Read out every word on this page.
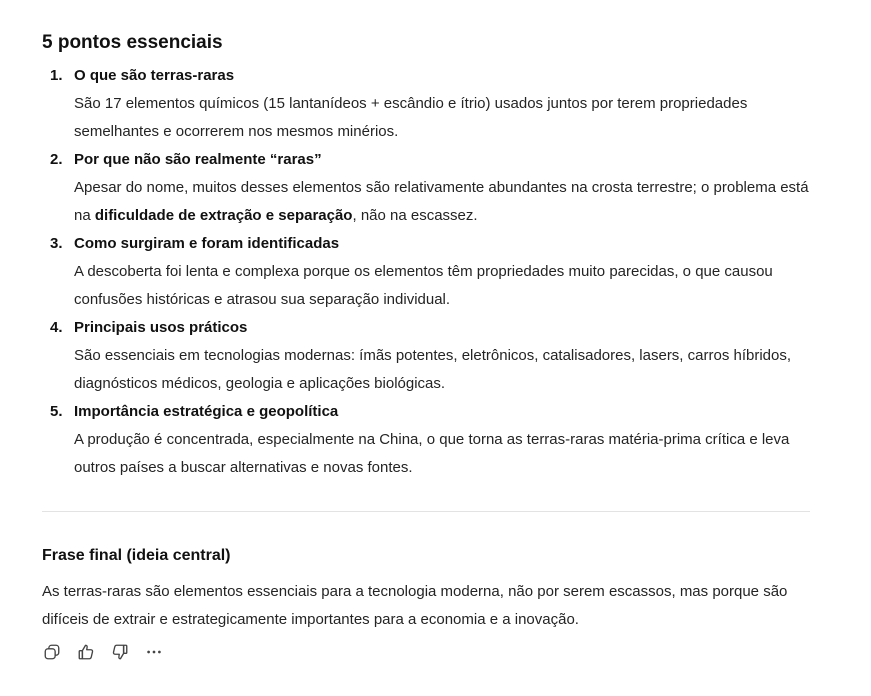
5 pontos essenciais
1. O que são terras-raras
São 17 elementos químicos (15 lantanídeos + escândio e ítrio) usados juntos por terem propriedades semelhantes e ocorrerem nos mesmos minérios.
2. Por que não são realmente “raras”
Apesar do nome, muitos desses elementos são relativamente abundantes na crosta terrestre; o problema está na dificuldade de extração e separação, não na escassez.
3. Como surgiram e foram identificadas
A descoberta foi lenta e complexa porque os elementos têm propriedades muito parecidas, o que causou confusões históricas e atrasou sua separação individual.
4. Principais usos práticos
São essenciais em tecnologias modernas: ímãs potentes, eletrônicos, catalisadores, lasers, carros híbridos, diagnósticos médicos, geologia e aplicações biológicas.
5. Importância estratégica e geopolítica
A produção é concentrada, especialmente na China, o que torna as terras-raras matéria-prima crítica e leva outros países a buscar alternativas e novas fontes.
Frase final (ideia central)

As terras-raras são elementos essenciais para a tecnologia moderna, não por serem escassos, mas porque são difíceis de extrair e estrategicamente importantes para a economia e a inovação.
